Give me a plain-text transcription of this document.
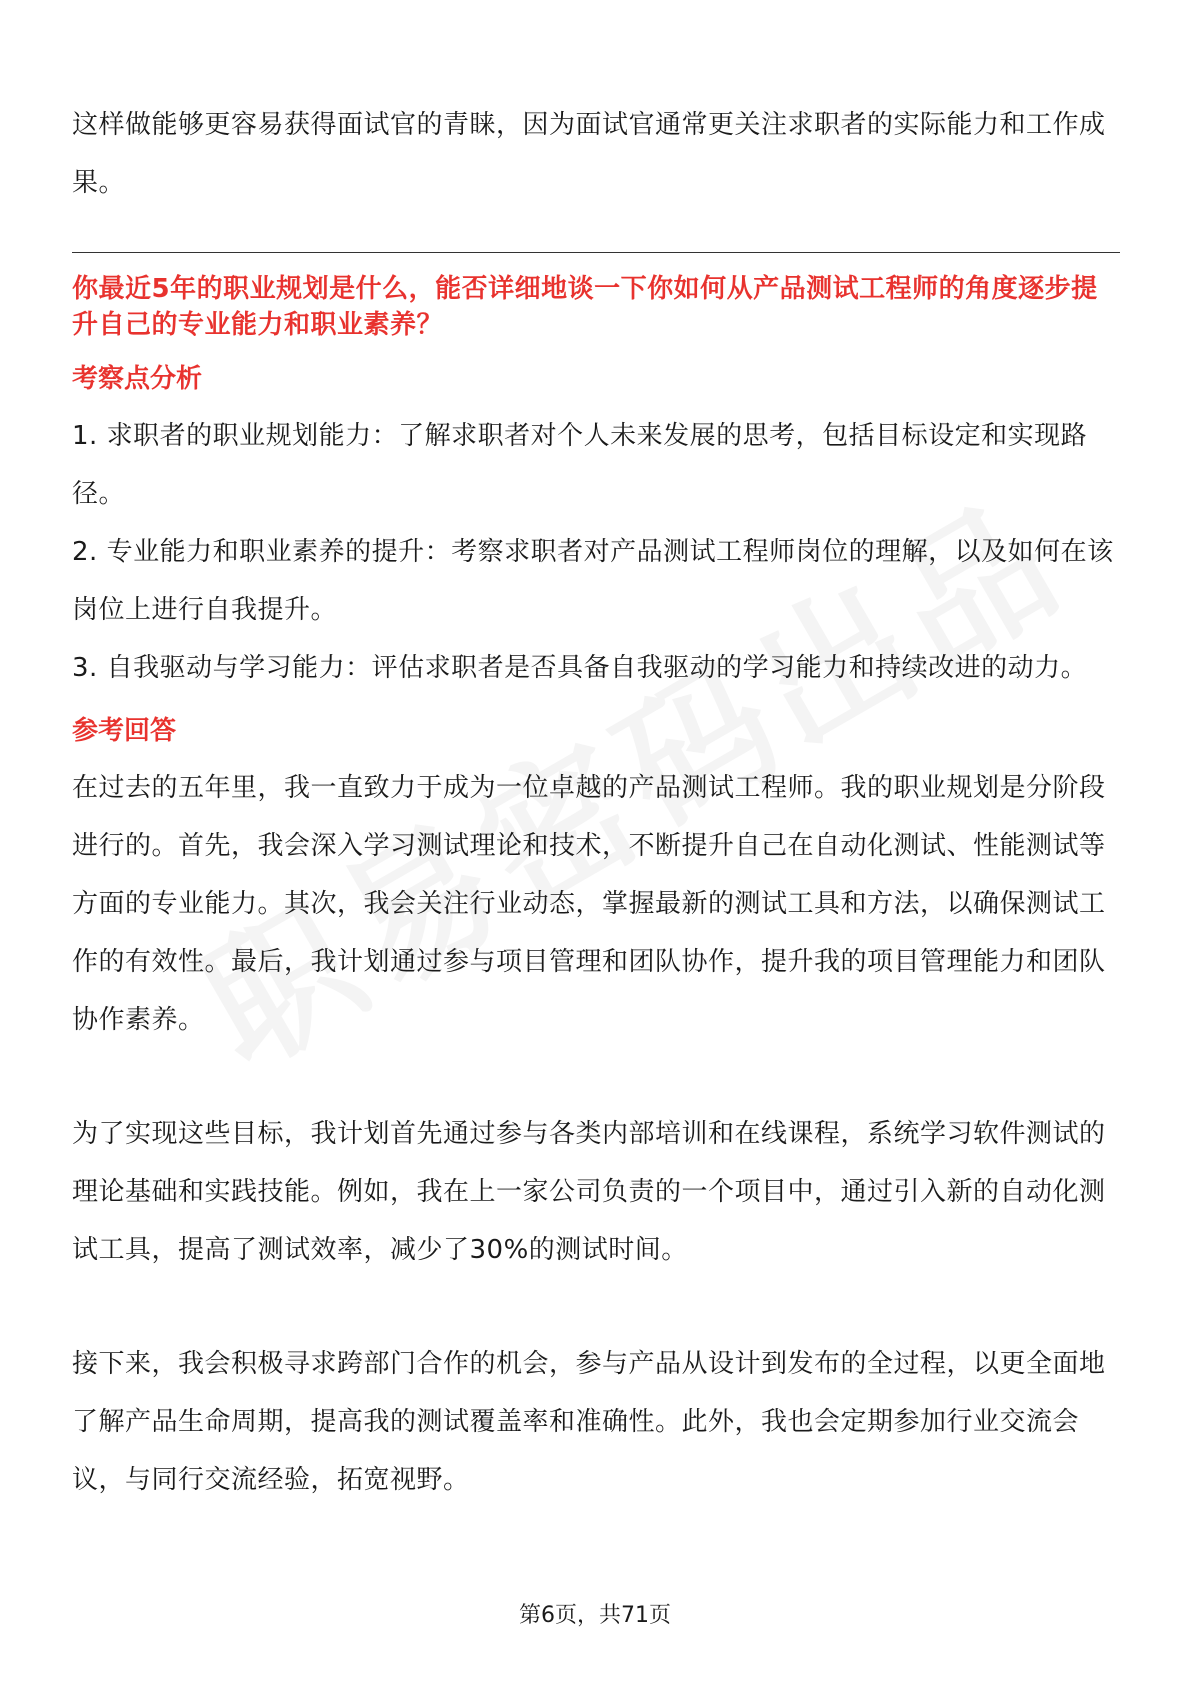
这样做能够更容易获得面试官的青睐，因为面试官通常更关注求职者的实际能力和工作成果。

你最近5年的职业规划是什么，能否详细地谈一下你如何从产品测试工程师的角度逐步提升自己的专业能力和职业素养？

考察点分析

1. 求职者的职业规划能力：了解求职者对个人未来发展的思考，包括目标设定和实现路径。

2. 专业能力和职业素养的提升：考察求职者对产品测试工程师岗位的理解，以及如何在该岗位上进行自我提升。

3. 自我驱动与学习能力：评估求职者是否具备自我驱动的学习能力和持续改进的动力。

参考回答

在过去的五年里，我一直致力于成为一位卓越的产品测试工程师。我的职业规划是分阶段进行的。首先，我会深入学习测试理论和技术，不断提升自己在自动化测试、性能测试等方面的专业能力。其次，我会关注行业动态，掌握最新的测试工具和方法，以确保测试工作的有效性。最后，我计划通过参与项目管理和团队协作，提升我的项目管理能力和团队协作素养。

为了实现这些目标，我计划首先通过参与各类内部培训和在线课程，系统学习软件测试的理论基础和实践技能。例如，我在上一家公司负责的一个项目中，通过引入新的自动化测试工具，提高了测试效率，减少了30%的测试时间。

接下来，我会积极寻求跨部门合作的机会，参与产品从设计到发布的全过程，以更全面地了解产品生命周期，提高我的测试覆盖率和准确性。此外，我也会定期参加行业交流会议，与同行交流经验，拓宽视野。

第6页，共71页
